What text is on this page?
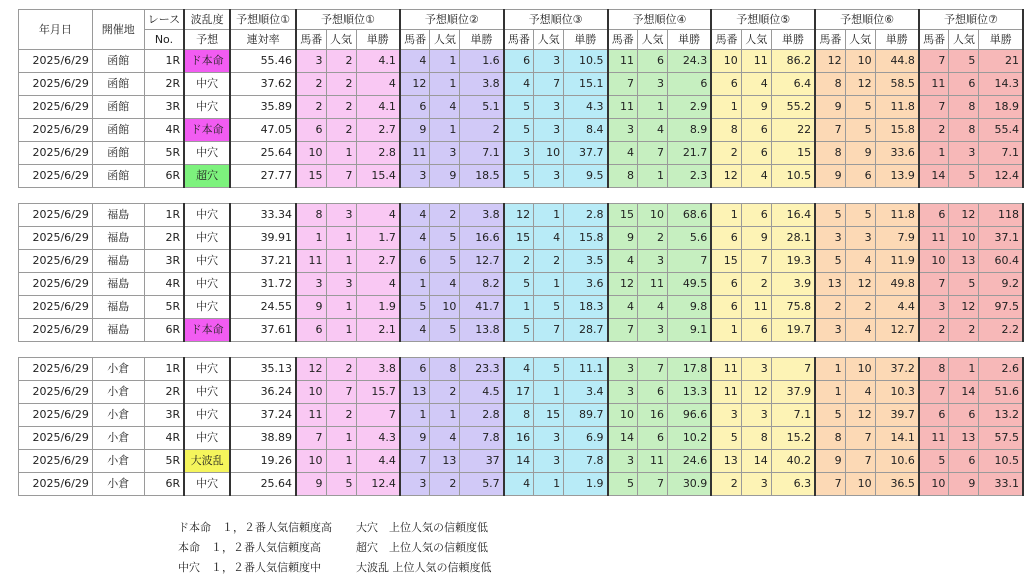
年月日	開催地	レース	波乱度	予想順位①	予想順位①			予想順位②			予想順位③			予想順位④			予想順位⑤			予想順位⑥			予想順位⑦		
		No.	予想	連対率	馬番	人気	単勝	馬番	人気	単勝	馬番	人気	単勝	馬番	人気	単勝	馬番	人気	単勝	馬番	人気	単勝	馬番	人気	単勝
2025/6/29	函館	1R	ド本命	55.46	3	2	4.1	4	1	1.6	6	3	10.5	11	6	24.3	10	11	86.2	12	10	44.8	7	5	21
2025/6/29	函館	2R	中穴	37.62	2	2	4	12	1	3.8	4	7	15.1	7	3	6	6	4	6.4	8	12	58.5	11	6	14.3
2025/6/29	函館	3R	中穴	35.89	2	2	4.1	6	4	5.1	5	3	4.3	11	1	2.9	1	9	55.2	9	5	11.8	7	8	18.9
2025/6/29	函館	4R	ド本命	47.05	6	2	2.7	9	1	2	5	3	8.4	3	4	8.9	8	6	22	7	5	15.8	2	8	55.4
2025/6/29	函館	5R	中穴	25.64	10	1	2.8	11	3	7.1	3	10	37.7	4	7	21.7	2	6	15	8	9	33.6	1	3	7.1
2025/6/29	函館	6R	超穴	27.77	15	7	15.4	3	9	18.5	5	3	9.5	8	1	2.3	12	4	10.5	9	6	13.9	14	5	12.4

2025/6/29	福島	1R	中穴	33.34	8	3	4	4	2	3.8	12	1	2.8	15	10	68.6	1	6	16.4	5	5	11.8	6	12	118
2025/6/29	福島	2R	中穴	39.91	1	1	1.7	4	5	16.6	15	4	15.8	9	2	5.6	6	9	28.1	3	3	7.9	11	10	37.1
2025/6/29	福島	3R	中穴	37.21	11	1	2.7	6	5	12.7	2	2	3.5	4	3	7	15	7	19.3	5	4	11.9	10	13	60.4
2025/6/29	福島	4R	中穴	31.72	3	3	4	1	4	8.2	5	1	3.6	12	11	49.5	6	2	3.9	13	12	49.8	7	5	9.2
2025/6/29	福島	5R	中穴	24.55	9	1	1.9	5	10	41.7	1	5	18.3	4	4	9.8	6	11	75.8	2	2	4.4	3	12	97.5
2025/6/29	福島	6R	ド本命	37.61	6	1	2.1	4	5	13.8	5	7	28.7	7	3	9.1	1	6	19.7	3	4	12.7	2	2	2.2

2025/6/29	小倉	1R	中穴	35.13	12	2	3.8	6	8	23.3	4	5	11.1	3	7	17.8	11	3	7	1	10	37.2	8	1	2.6
2025/6/29	小倉	2R	中穴	36.24	10	7	15.7	13	2	4.5	17	1	3.4	3	6	13.3	11	12	37.9	1	4	10.3	7	14	51.6
2025/6/29	小倉	3R	中穴	37.24	11	2	7	1	1	2.8	8	15	89.7	10	16	96.6	3	3	7.1	5	12	39.7	6	6	13.2
2025/6/29	小倉	4R	中穴	38.89	7	1	4.3	9	4	7.8	16	3	6.9	14	6	10.2	5	8	15.2	8	7	14.1	11	13	57.5
2025/6/29	小倉	5R	大波乱	19.26	10	1	4.4	7	13	37	14	3	7.8	3	11	24.6	13	14	40.2	9	7	10.6	5	6	10.5
2025/6/29	小倉	6R	中穴	25.64	9	5	12.4	3	2	5.7	4	1	1.9	5	7	30.9	2	3	6.3	7	10	36.5	10	9	33.1
ド本命　１，２番人気信頼度高	大穴　上位人気の信頼度低
本命　１，２番人気信頼度高	超穴　上位人気の信頼度低
中穴　１，２番人気信頼度中	大波乱 上位人気の信頼度低
